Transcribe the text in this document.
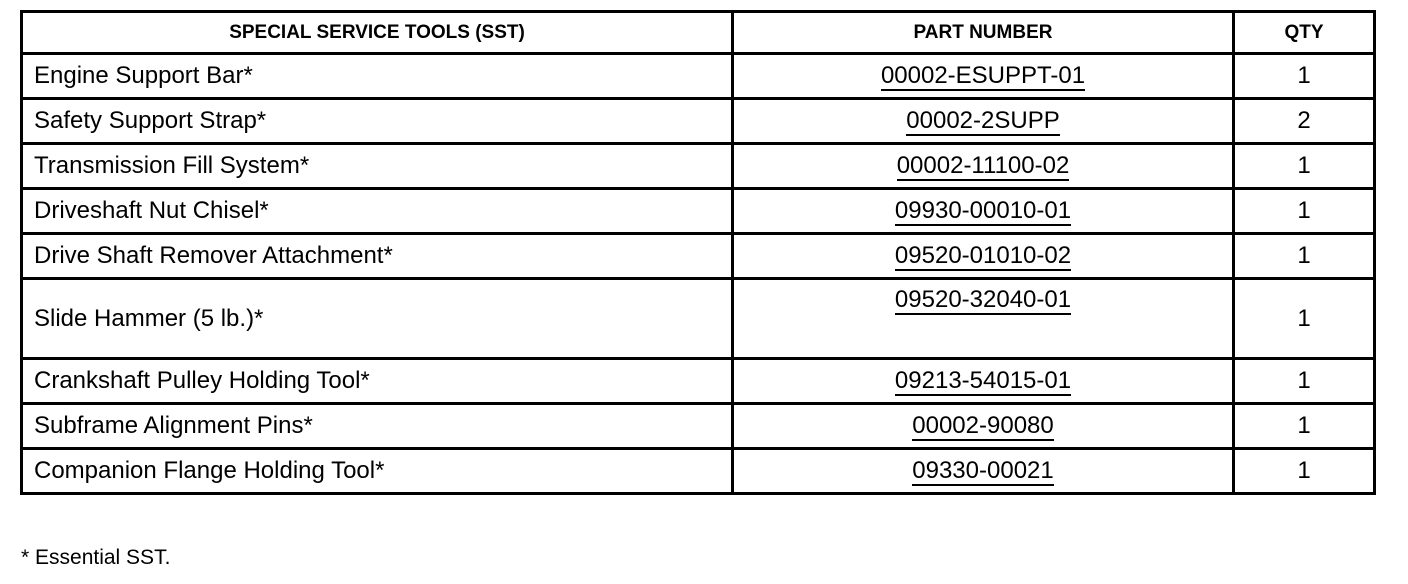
SPECIAL SERVICE TOOLS (SST)	PART NUMBER	QTY
Engine Support Bar*	00002-ESUPPT-01	1
Safety Support Strap*	00002-2SUPP	2
Transmission Fill System*	00002-11100-02	1
Driveshaft Nut Chisel*	09930-00010-01	1
Drive Shaft Remover Attachment*	09520-01010-02	1
Slide Hammer (5 lb.)*	09520-32040-01	1
Crankshaft Pulley Holding Tool*	09213-54015-01	1
Subframe Alignment Pins*	00002-90080	1
Companion Flange Holding Tool*	09330-00021	1
* Essential SST.
